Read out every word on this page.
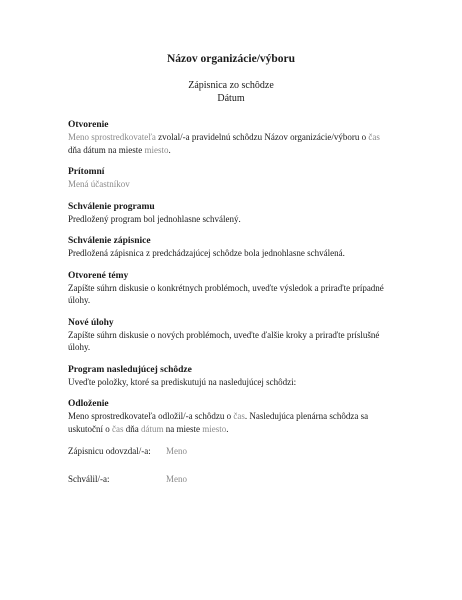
Názov organizácie/výboru
Zápisnica zo schôdze
Dátum
Otvorenie
Meno sprostredkovateľa zvolal/-a pravidelnú schôdzu Názov organizácie/výboru o čas dňa dátum na mieste miesto.
Prítomní
Mená účastníkov
Schválenie programu
Predložený program bol jednohlasne schválený.
Schválenie zápisnice
Predložená zápisnica z predchádzajúcej schôdze bola jednohlasne schválená.
Otvorené témy
Zapíšte súhrn diskusie o konkrétnych problémoch, uveďte výsledok a priraďte prípadné úlohy.
Nové úlohy
Zapíšte súhrn diskusie o nových problémoch, uveďte ďalšie kroky a priraďte príslušné úlohy.
Program nasledujúcej schôdze
Uveďte položky, ktoré sa prediskutujú na nasledujúcej schôdzi:
Odloženie
Meno sprostredkovateľa odložil/-a schôdzu o čas. Nasledujúca plenárna schôdza sa uskutoční o čas dňa dátum na mieste miesto.
Zápisnicu odovzdal/-a:	Meno
Schválil/-a:	Meno
